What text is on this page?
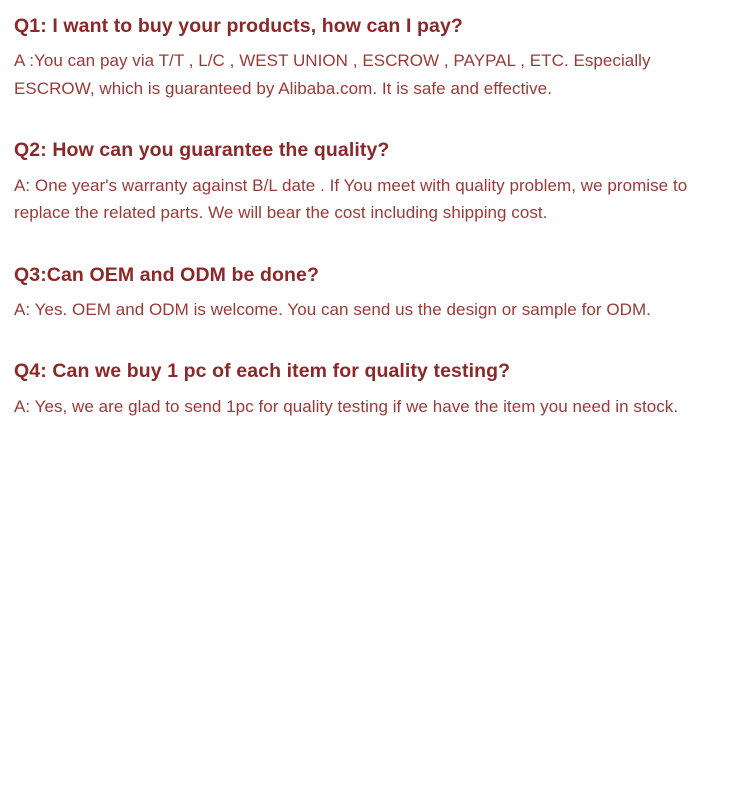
Q1: I want to buy your products, how can I pay?

A :You can pay via T/T , L/C , WEST UNION , ESCROW , PAYPAL , ETC. Especially ESCROW, which is guaranteed by Alibaba.com. It is safe and effective.

Q2: How can you guarantee the quality?

A: One year's warranty against B/L date . If You meet with quality problem, we promise to replace the related parts. We will bear the cost including shipping cost.

Q3:Can OEM and ODM be done?

A: Yes. OEM and ODM is welcome. You can send us the design or sample for ODM.

Q4: Can we buy 1 pc of each item for quality testing?

A: Yes, we are glad to send 1pc for quality testing if we have the item you need in stock.
